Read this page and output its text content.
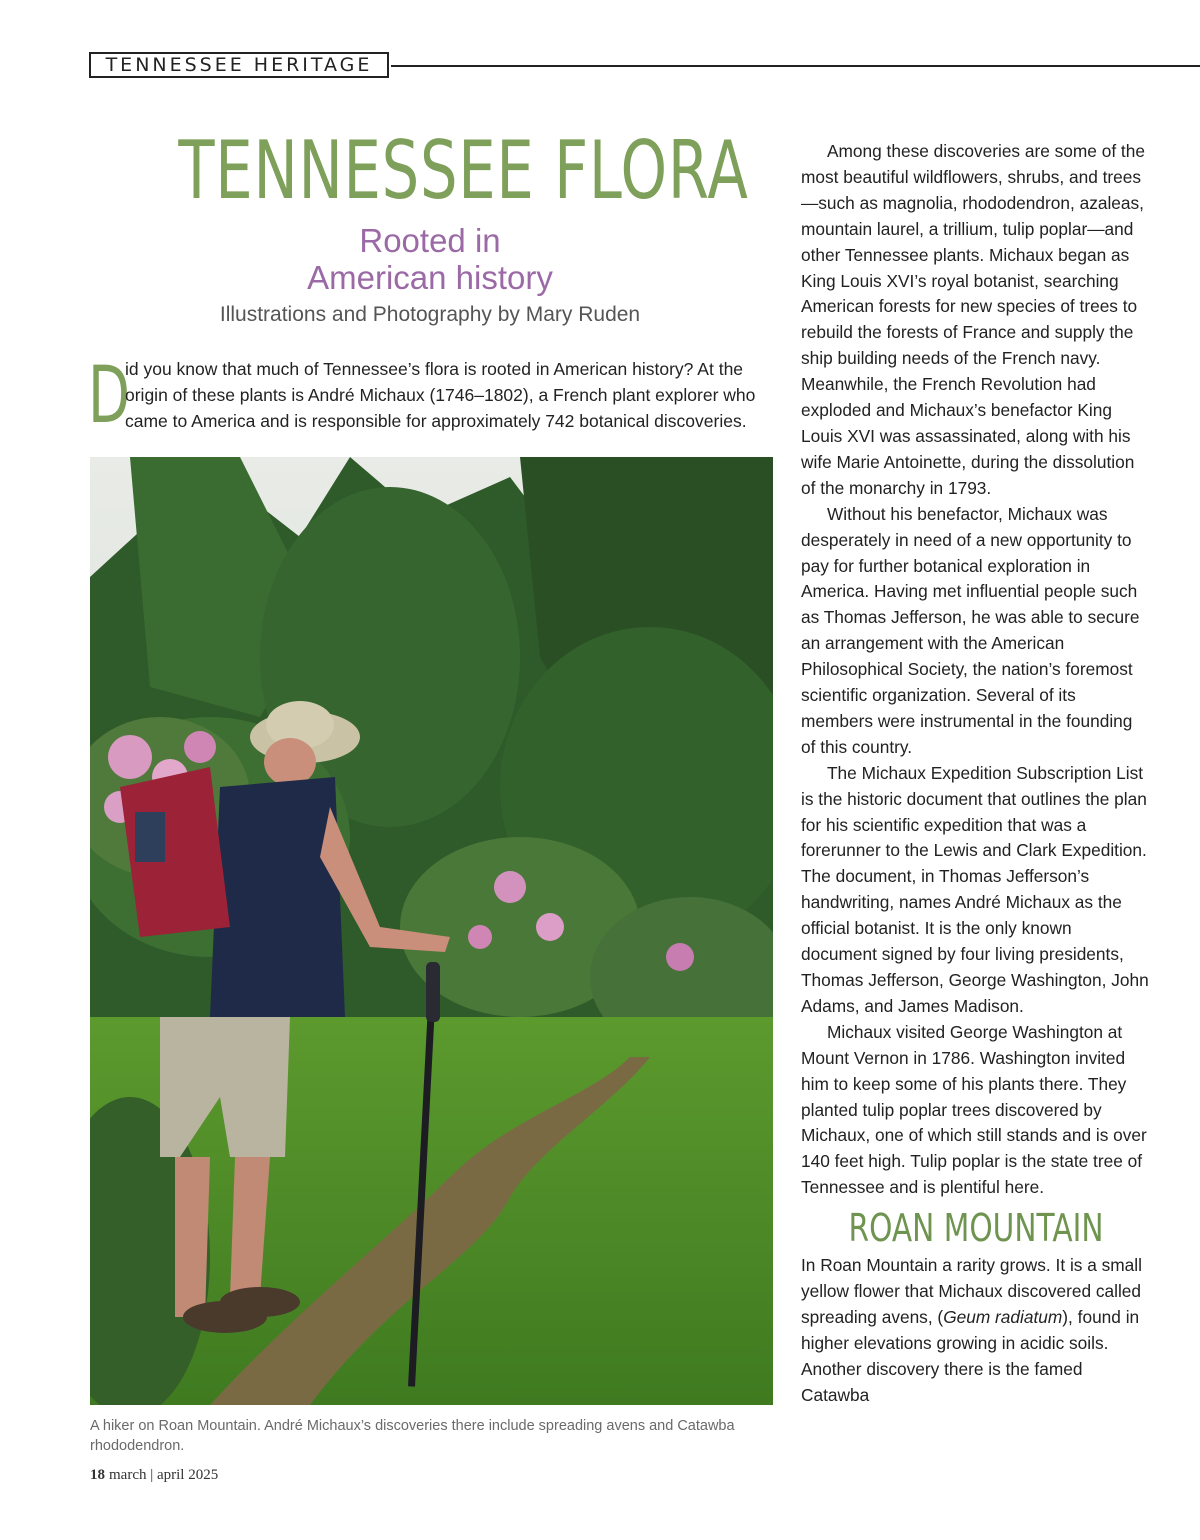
TENNESSEE HERITAGE
TENNESSEE FLORA
Rooted in
American history
Illustrations and Photography by Mary Ruden
D
id you know that much of Tennessee’s flora is rooted in American history? At the origin of these plants is André Michaux (1746–1802), a French plant explorer who came to America and is responsible for approximately 742 botanical discoveries.
A hiker on Roan Mountain. André Michaux’s discoveries there include spreading avens and Catawba rhododendron.
18 march | april 2025

Among these discoveries are some of the most beautiful wildflowers, shrubs, and trees—such as magnolia, rhododendron, azaleas, mountain laurel, a trillium, tulip poplar—and other Tennessee plants. Michaux began as King Louis XVI’s royal botanist, searching American forests for new species of trees to rebuild the forests of France and supply the ship building needs of the French navy. Meanwhile, the French Revolution had exploded and Michaux’s benefactor King Louis XVI was assassinated, along with his wife Marie Antoinette, during the dissolution of the monarchy in 1793.

Without his benefactor, Michaux was desperately in need of a new opportunity to pay for further botanical exploration in America. Having met influential people such as Thomas Jefferson, he was able to secure an arrangement with the American Philosophical Society, the nation’s foremost scientific organization. Several of its members were instrumental in the founding of this country.

The Michaux Expedition Subscription List is the historic document that outlines the plan for his scientific expedition that was a forerunner to the Lewis and Clark Expedition. The document, in Thomas Jefferson’s handwriting, names André Michaux as the official botanist. It is the only known document signed by four living presidents, Thomas Jefferson, George Washington, John Adams, and James Madison.

Michaux visited George Washington at Mount Vernon in 1786. Washington invited him to keep some of his plants there. They planted tulip poplar trees discovered by Michaux, one of which still stands and is over 140 feet high. Tulip poplar is the state tree of Tennessee and is plentiful here.

ROAN MOUNTAIN

In Roan Mountain a rarity grows. It is a small yellow flower that Michaux discovered called spreading avens, (Geum radiatum), found in higher elevations growing in acidic soils. Another discovery there is the famed Catawba
